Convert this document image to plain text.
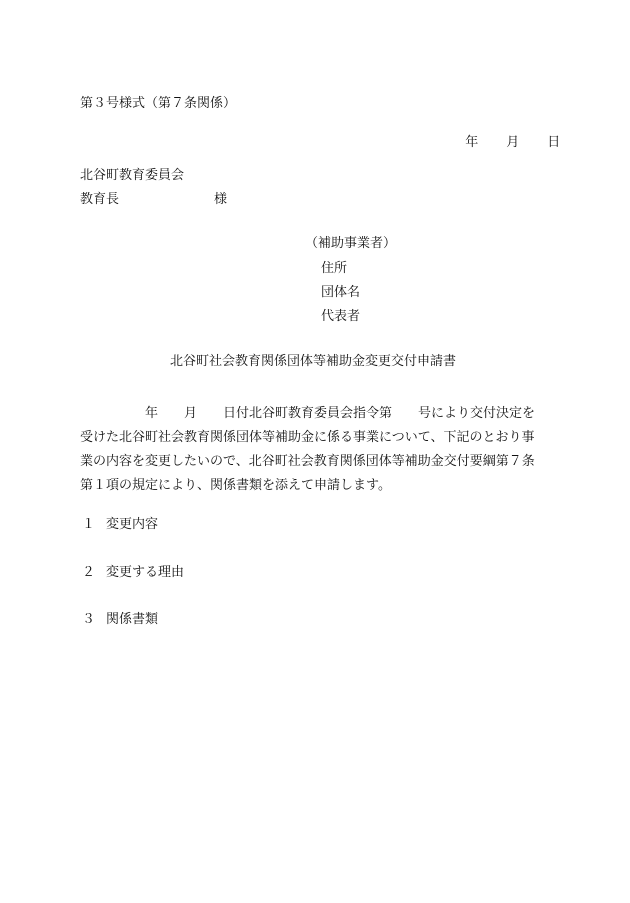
第３号様式（第７条関係）

年 月 日

北谷町教育委員会
教育長	様
（補助事業者）
住所
団体名
代表者
北谷町社会教育関係団体等補助金変更交付申請書
　　　　　年　　月　　日付北谷町教育委員会指令第　　号により交付決定を
受けた北谷町社会教育関係団体等補助金に係る事業について、下記のとおり事
業の内容を変更したいので、北谷町社会教育関係団体等補助金交付要綱第７条
第１項の規定により、関係書類を添えて申請します。
１ 変更内容
２ 変更する理由
３ 関係書類
